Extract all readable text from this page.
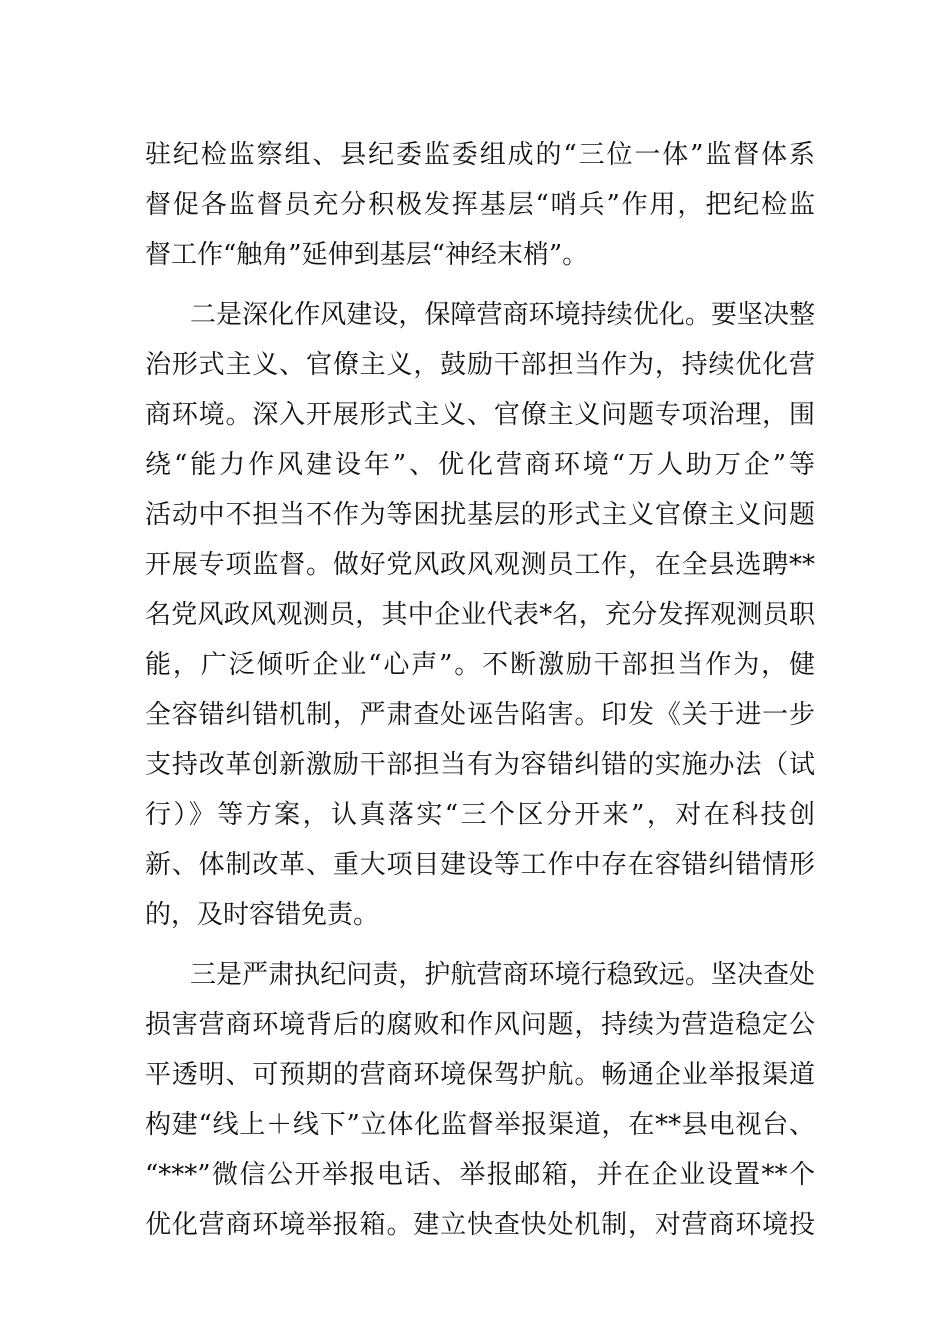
驻纪检监察组、县纪委监委组成的“三位一体”监督体系
督促各监督员充分积极发挥基层“哨兵”作用，把纪检监
督工作“触角”延伸到基层“神经末梢”。
二是深化作风建设，保障营商环境持续优化。要坚决整
治形式主义、官僚主义，鼓励干部担当作为，持续优化营
商环境。深入开展形式主义、官僚主义问题专项治理，围
绕“能力作风建设年”、优化营商环境“万人助万企”等
活动中不担当不作为等困扰基层的形式主义官僚主义问题
开展专项监督。做好党风政风观测员工作，在全县选聘**
名党风政风观测员，其中企业代表*名，充分发挥观测员职
能，广泛倾听企业“心声”。不断激励干部担当作为，健
全容错纠错机制，严肃查处诬告陷害。印发《关于进一步
支持改革创新激励干部担当有为容错纠错的实施办法（试
行）》等方案，认真落实“三个区分开来”，对在科技创
新、体制改革、重大项目建设等工作中存在容错纠错情形
的，及时容错免责。
三是严肃执纪问责，护航营商环境行稳致远。坚决查处
损害营商环境背后的腐败和作风问题，持续为营造稳定公
平透明、可预期的营商环境保驾护航。畅通企业举报渠道
构建“线上＋线下”立体化监督举报渠道，在**县电视台、
“***”微信公开举报电话、举报邮箱，并在企业设置**个
优化营商环境举报箱。建立快查快处机制，对营商环境投
